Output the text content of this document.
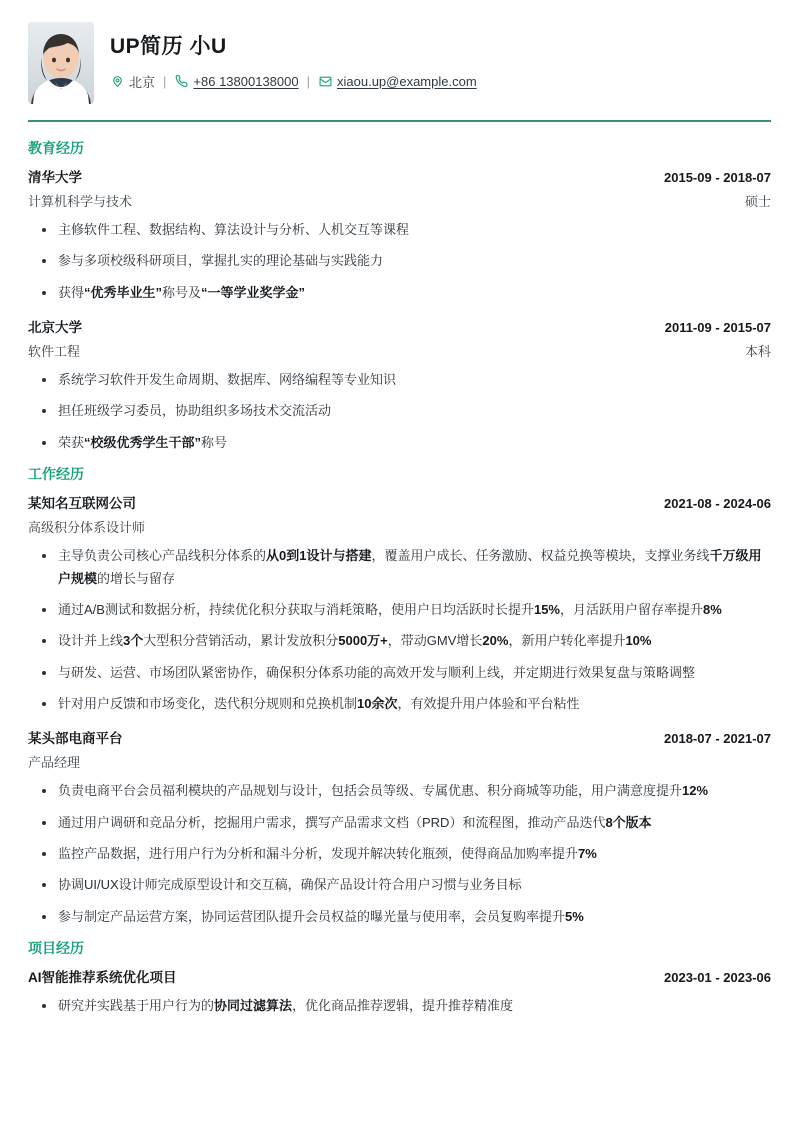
UP简历 小U
北京 | +86 13800138000 | xiaou.up@example.com
教育经历
清华大学	2015-09 - 2018-07
计算机科学与技术	硕士
主修软件工程、数据结构、算法设计与分析、人机交互等课程
参与多项校级科研项目，掌握扎实的理论基础与实践能力
获得“优秀毕业生”称号及“一等学业奖学金”
北京大学	2011-09 - 2015-07
软件工程	本科
系统学习软件开发生命周期、数据库、网络编程等专业知识
担任班级学习委员，协助组织多场技术交流活动
荣获“校级优秀学生干部”称号
工作经历
某知名互联网公司	2021-08 - 2024-06
高级积分体系设计师
主导负责公司核心产品线积分体系的从0到1设计与搭建，覆盖用户成长、任务激励、权益兑换等模块，支撑业务线千万级用户规模的增长与留存
通过A/B测试和数据分析，持续优化积分获取与消耗策略，使用户日均活跃时长提升15%，月活跃用户留存率提升8%
设计并上线3个大型积分营销活动，累计发放积分5000万+，带动GMV增长20%，新用户转化率提升10%
与研发、运营、市场团队紧密协作，确保积分体系功能的高效开发与顺利上线，并定期进行效果复盘与策略调整
针对用户反馈和市场变化，迭代积分规则和兑换机制10余次，有效提升用户体验和平台粘性
某头部电商平台	2018-07 - 2021-07
产品经理
负责电商平台会员福利模块的产品规划与设计，包括会员等级、专属优惠、积分商城等功能，用户满意度提升12%
通过用户调研和竞品分析，挖掘用户需求，撰写产品需求文档（PRD）和流程图，推动产品迭代8个版本
监控产品数据，进行用户行为分析和漏斗分析，发现并解决转化瓶颈，使得商品加购率提升7%
协调UI/UX设计师完成原型设计和交互稿，确保产品设计符合用户习惯与业务目标
参与制定产品运营方案，协同运营团队提升会员权益的曝光量与使用率，会员复购率提升5%
项目经历
AI智能推荐系统优化项目	2023-01 - 2023-06
研究并实践基于用户行为的协同过滤算法，优化商品推荐逻辑，提升推荐精准度
